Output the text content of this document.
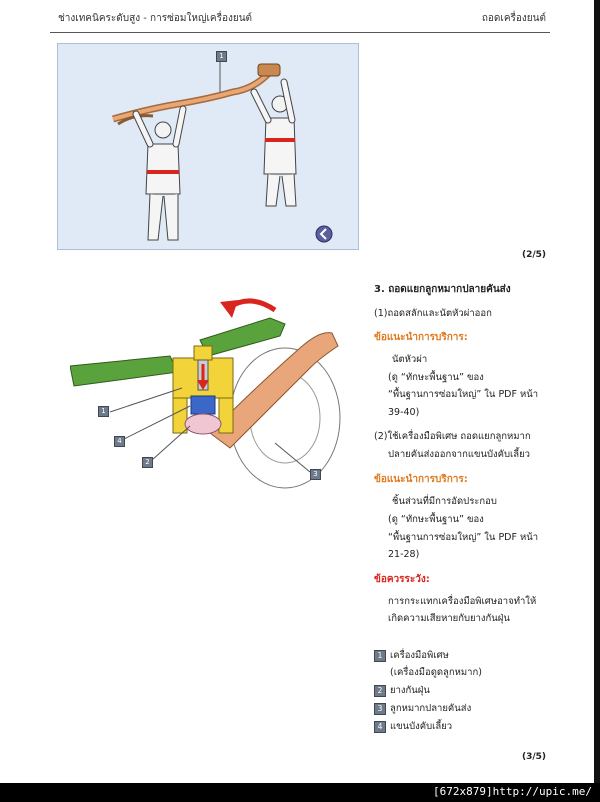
ช่างเทคนิคระดับสูง - การซ่อมใหญ่เครื่องยนต์	ถอดเครื่องยนต์
1
(2/5)
1
4
2
3
3. ถอดแยกลูกหมากปลายคันส่ง
(1)ถอดสลักและนัตหัวผ่าออก
ข้อแนะนำการบริการ:
นัตหัวผ่า
(ดู “ทักษะพื้นฐาน” ของ
“พื้นฐานการซ่อมใหญ่” ใน PDF หน้า
39-40)
(2)ใช้เครื่องมือพิเศษ ถอดแยกลูกหมาก
ปลายคันส่งออกจากแขนบังคับเลี้ยว
ข้อแนะนำการบริการ:
ชิ้นส่วนที่มีการอัดประกอบ
(ดู “ทักษะพื้นฐาน” ของ
“พื้นฐานการซ่อมใหญ่” ใน PDF หน้า
21-28)
ข้อควรระวัง:
การกระแทกเครื่องมือพิเศษอาจทำให้
เกิดความเสียหายกับยางกันฝุ่น
1 เครื่องมือพิเศษ
(เครื่องมือดูดลูกหมาก)
2 ยางกันฝุ่น
3 ลูกหมากปลายคันส่ง
4 แขนบังคับเลี้ยว
(3/5)
[672x879]http://upic.me/
